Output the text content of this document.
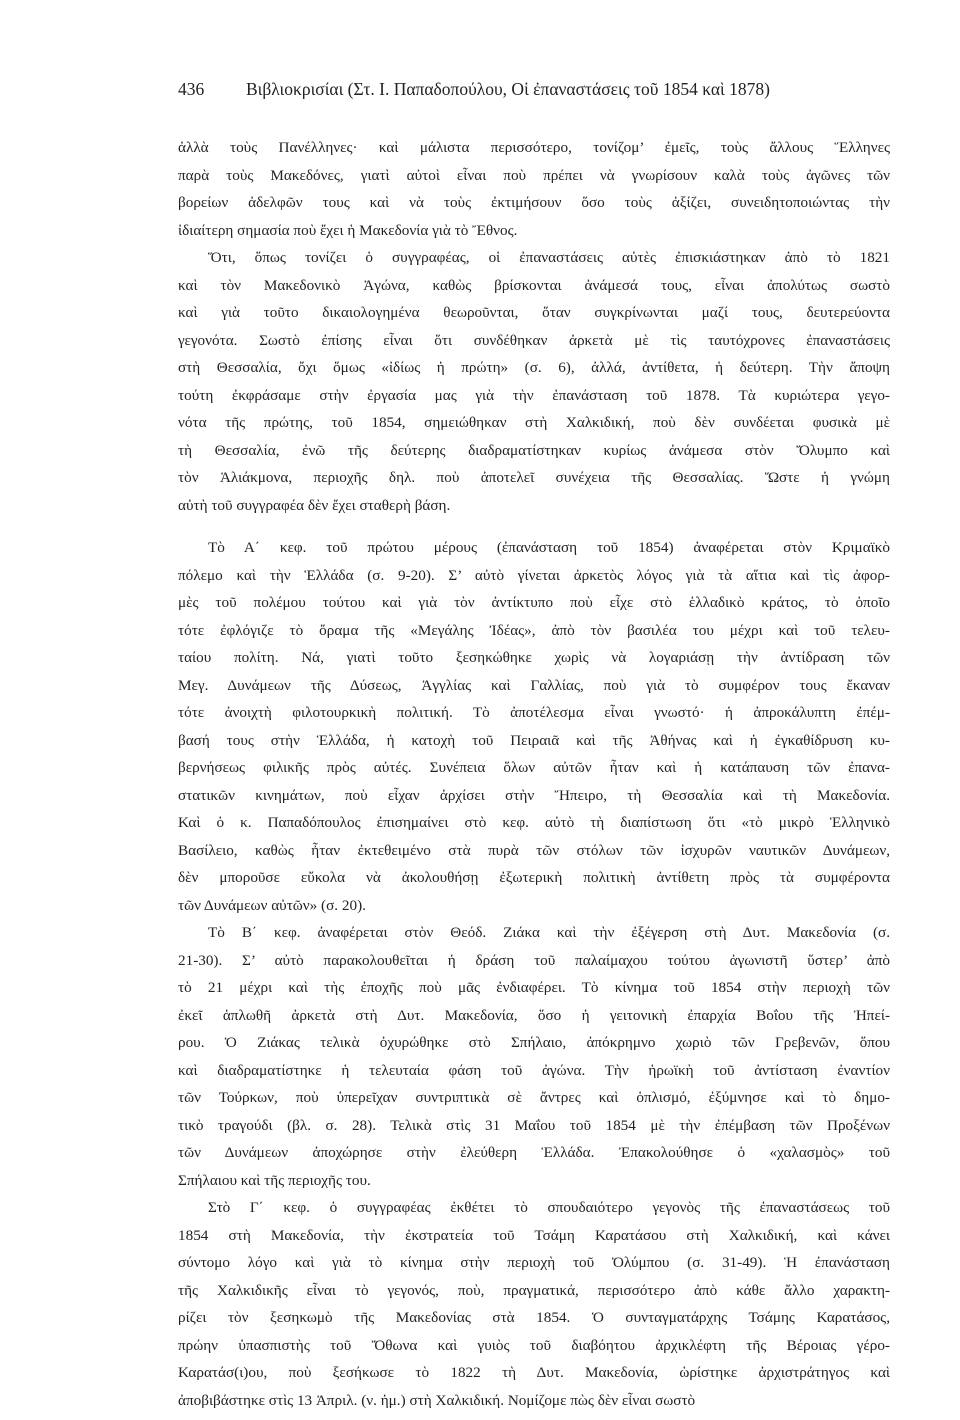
436 Βιβλιοκρισίαι (Στ. Ι. Παπαδοπούλου, Οἱ ἐπαναστάσεις τοῦ 1854 καὶ 1878)
ἀλλὰ τοὺς Πανέλληνες· καὶ μάλιστα περισσότερο, τονίζομ’ ἐμεῖς, τοὺς ἄλλους Ἕλληνες
παρὰ τοὺς Μακεδόνες, γιατὶ αὐτοὶ εἶναι ποὺ πρέπει νὰ γνωρίσουν καλὰ τοὺς ἀγῶνες τῶν
βορείων ἀδελφῶν τους καὶ νὰ τοὺς ἐκτιμήσουν ὅσο τοὺς ἀξίζει, συνειδητοποιώντας τὴν
ἰδιαίτερη σημασία ποὺ ἔχει ἡ Μακεδονία γιὰ τὸ Ἔθνος.
Ὅτι, ὅπως τονίζει ὁ συγγραφέας, οἱ ἐπαναστάσεις αὐτὲς ἐπισκιάστηκαν ἀπὸ τὸ 1821
καὶ τὸν Μακεδονικὸ Ἀγώνα, καθὼς βρίσκονται ἀνάμεσά τους, εἶναι ἀπολύτως σωστὸ
καὶ γιὰ τοῦτο δικαιολογημένα θεωροῦνται, ὅταν συγκρίνωνται μαζί τους, δευτερεύοντα
γεγονότα. Σωστὸ ἐπίσης εἶναι ὅτι συνδέθηκαν ἀρκετὰ μὲ τὶς ταυτόχρονες ἐπαναστάσεις
στὴ Θεσσαλία, ὄχι ὅμως «ἰδίως ἡ πρώτη» (σ. 6), ἀλλά, ἀντίθετα, ἡ δεύτερη. Τὴν ἄποψη
τούτη ἐκφράσαμε στὴν ἐργασία μας γιὰ τὴν ἐπανάσταση τοῦ 1878. Τὰ κυριώτερα γεγο-
νότα τῆς πρώτης, τοῦ 1854, σημειώθηκαν στὴ Χαλκιδική, ποὺ δὲν συνδέεται φυσικὰ μὲ
τὴ Θεσσαλία, ἐνῶ τῆς δεύτερης διαδραματίστηκαν κυρίως ἀνάμεσα στὸν Ὄλυμπο καὶ
τὸν Ἁλιάκμονα, περιοχῆς δηλ. ποὺ ἀποτελεῖ συνέχεια τῆς Θεσσαλίας. Ὥστε ἡ γνώμη
αὐτὴ τοῦ συγγραφέα δὲν ἔχει σταθερὴ βάση.
Τὸ Α΄ κεφ. τοῦ πρώτου μέρους (ἐπανάσταση τοῦ 1854) ἀναφέρεται στὸν Κριμαϊκὸ
πόλεμο καὶ τὴν Ἑλλάδα (σ. 9-20). Σ’ αὐτὸ γίνεται ἀρκετὸς λόγος γιὰ τὰ αἴτια καὶ τὶς ἀφορ-
μὲς τοῦ πολέμου τούτου καὶ γιὰ τὸν ἀντίκτυπο ποὺ εἶχε στὸ ἑλλαδικὸ κράτος, τὸ ὁποῖο
τότε ἐφλόγιζε τὸ ὅραμα τῆς «Μεγάλης Ἰδέας», ἀπὸ τὸν βασιλέα του μέχρι καὶ τοῦ τελευ-
ταίου πολίτη. Νά, γιατὶ τοῦτο ξεσηκώθηκε χωρὶς νὰ λογαριάσῃ τὴν ἀντίδραση τῶν
Μεγ. Δυνάμεων τῆς Δύσεως, Ἀγγλίας καὶ Γαλλίας, ποὺ γιὰ τὸ συμφέρον τους ἔκαναν
τότε ἀνοιχτὴ φιλοτουρκικὴ πολιτική. Τὸ ἀποτέλεσμα εἶναι γνωστό· ἡ ἀπροκάλυπτη ἐπέμ-
βασή τους στὴν Ἑλλάδα, ἡ κατοχὴ τοῦ Πειραιᾶ καὶ τῆς Ἀθήνας καὶ ἡ ἐγκαθίδρυση κυ-
βερνήσεως φιλικῆς πρὸς αὐτές. Συνέπεια ὅλων αὐτῶν ἦταν καὶ ἡ κατάπαυση τῶν ἐπανα-
στατικῶν κινημάτων, ποὺ εἶχαν ἀρχίσει στὴν Ἤπειρο, τὴ Θεσσαλία καὶ τὴ Μακεδονία.
Καὶ ὁ κ. Παπαδόπουλος ἐπισημαίνει στὸ κεφ. αὐτὸ τὴ διαπίστωση ὅτι «τὸ μικρὸ Ἑλληνικὸ
Βασίλειο, καθὼς ἦταν ἐκτεθειμένο στὰ πυρὰ τῶν στόλων τῶν ἰσχυρῶν ναυτικῶν Δυνάμεων,
δὲν μποροῦσε εὔκολα νὰ ἀκολουθήσῃ ἐξωτερικὴ πολιτικὴ ἀντίθετη πρὸς τὰ συμφέροντα
τῶν Δυνάμεων αὐτῶν» (σ. 20).
Τὸ Β΄ κεφ. ἀναφέρεται στὸν Θεόδ. Ζιάκα καὶ τὴν ἐξέγερση στὴ Δυτ. Μακεδονία (σ.
21-30). Σ’ αὐτὸ παρακολουθεῖται ἡ δράση τοῦ παλαίμαχου τούτου ἀγωνιστῆ ὕστερ’ ἀπὸ
τὸ 21 μέχρι καὶ τὴς ἐποχῆς ποὺ μᾶς ἐνδιαφέρει. Τὸ κίνημα τοῦ 1854 στὴν περιοχὴ τῶν
ἐκεῖ ἁπλωθῆ ἀρκετὰ στὴ Δυτ. Μακεδονία, ὅσο ἡ γειτονικὴ ἐπαρχία Βοΐου τῆς Ἠπεί-
ρου. Ὁ Ζιάκας τελικὰ ὀχυρώθηκε στὸ Σπήλαιο, ἀπόκρημνο χωριὸ τῶν Γρεβενῶν, ὅπου
καὶ διαδραματίστηκε ἡ τελευταία φάση τοῦ ἀγώνα. Τὴν ἡρωϊκὴ τοῦ ἀντίσταση ἐναντίον
τῶν Τούρκων, ποὺ ὑπερεῖχαν συντριπτικὰ σὲ ἄντρες καὶ ὁπλισμό, ἐξύμνησε καὶ τὸ δημο-
τικὸ τραγούδι (βλ. σ. 28). Τελικὰ στὶς 31 Μαΐου τοῦ 1854 μὲ τὴν ἐπέμβαση τῶν Προξένων
τῶν Δυνάμεων ἀποχώρησε στὴν ἐλεύθερη Ἑλλάδα. Ἐπακολούθησε ὁ «χαλασμὸς» τοῦ
Σπήλαιου καὶ τῆς περιοχῆς του.
Στὸ Γ΄ κεφ. ὁ συγγραφέας ἐκθέτει τὸ σπουδαιότερο γεγονὸς τῆς ἐπαναστάσεως τοῦ
1854 στὴ Μακεδονία, τὴν ἐκστρατεία τοῦ Τσάμη Καρατάσου στὴ Χαλκιδική, καὶ κάνει
σύντομο λόγο καὶ γιὰ τὸ κίνημα στὴν περιοχὴ τοῦ Ὀλύμπου (σ. 31-49). Ἡ ἐπανάσταση
τῆς Χαλκιδικῆς εἶναι τὸ γεγονός, ποὺ, πραγματικά, περισσότερο ἀπὸ κάθε ἄλλο χαρακτη-
ρίζει τὸν ξεσηκωμὸ τῆς Μακεδονίας στὰ 1854. Ὁ συνταγματάρχης Τσάμης Καρατάσος,
πρώην ὑπασπιστὴς τοῦ Ὄθωνα καὶ γυιὸς τοῦ διαβόητου ἀρχικλέφτη τῆς Βέροιας γέρο-
Καρατάσ(ι)ου, ποὺ ξεσήκωσε τὸ 1822 τὴ Δυτ. Μακεδονία, ὡρίστηκε ἀρχιστράτηγος καὶ
ἀποβιβάστηκε στὶς 13 Ἀπριλ. (ν. ἡμ.) στὴ Χαλκιδική. Νομίζομε πὼς δὲν εἶναι σωστὸ
